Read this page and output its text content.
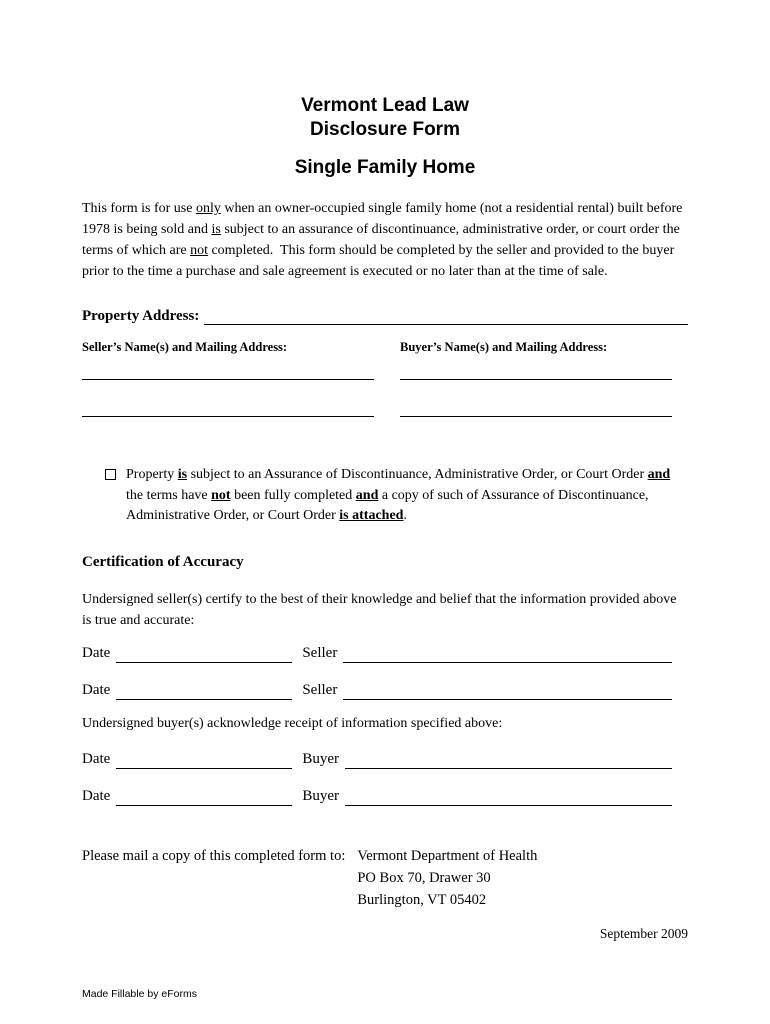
Vermont Lead Law
Disclosure Form
Single Family Home

This form is for use only when an owner-occupied single family home (not a residential rental) built before 1978 is being sold and is subject to an assurance of discontinuance, administrative order, or court order the terms of which are not completed.  This form should be completed by the seller and provided to the buyer prior to the time a purchase and sale agreement is executed or no later than at the time of sale.

Property Address:
Seller’s Name(s) and Mailing Address:	Buyer’s Name(s) and Mailing Address:

Property is subject to an Assurance of Discontinuance, Administrative Order, or Court Order and the terms have not been fully completed and a copy of such of Assurance of Discontinuance, Administrative Order, or Court Order is attached.

Certification of Accuracy

Undersigned seller(s) certify to the best of their knowledge and belief that the information provided above is true and accurate:

Date	Seller
Date	Seller

Undersigned buyer(s) acknowledge receipt of information specified above:

Date	Buyer
Date	Buyer
Please mail a copy of this completed form to: Vermont Department of Health
PO Box 70, Drawer 30
Burlington, VT 05402
September 2009
Made Fillable by eForms
